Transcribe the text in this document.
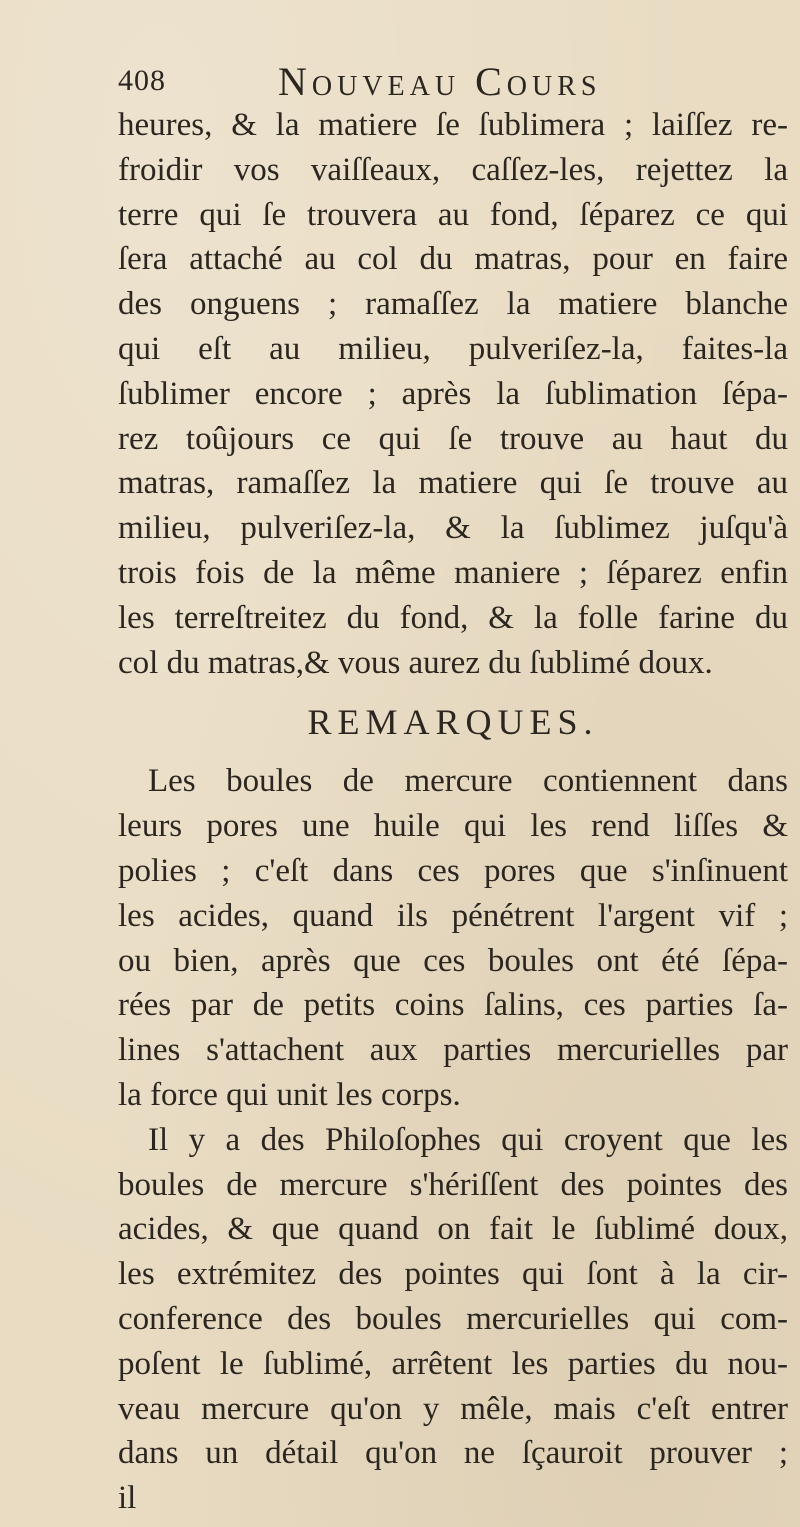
408	Nouveau Cours
heures, & la matiere ſe ſublimera ; laiſſez re-
froidir vos vaiſſeaux, caſſez-les, rejettez la
terre qui ſe trouvera au fond, ſéparez ce qui
ſera attaché au col du matras, pour en faire
des onguens ; ramaſſez la matiere blanche
qui eſt au milieu, pulveriſez-la, faites-la
ſublimer encore ; après la ſublimation ſépa-
rez toûjours ce qui ſe trouve au haut du
matras, ramaſſez la matiere qui ſe trouve au
milieu, pulveriſez-la, & la ſublimez juſqu'à
trois fois de la même maniere ; ſéparez enfin
les terreſtreitez du fond, & la folle farine du
col du matras,& vous aurez du ſublimé doux.
REMARQUES.
Les boules de mercure contiennent dans
leurs pores une huile qui les rend liſſes &
polies ; c'eſt dans ces pores que s'inſinuent
les acides, quand ils pénétrent l'argent vif ;
ou bien, après que ces boules ont été ſépa-
rées par de petits coins ſalins, ces parties ſa-
lines s'attachent aux parties mercurielles par
la force qui unit les corps.
Il y a des Philoſophes qui croyent que les
boules de mercure s'hériſſent des pointes des
acides, & que quand on fait le ſublimé doux,
les extrémitez des pointes qui ſont à la cir-
conference des boules mercurielles qui com-
poſent le ſublimé, arrêtent les parties du nou-
veau mercure qu'on y mêle, mais c'eſt entrer
dans un détail qu'on ne ſçauroit prouver ;
il
